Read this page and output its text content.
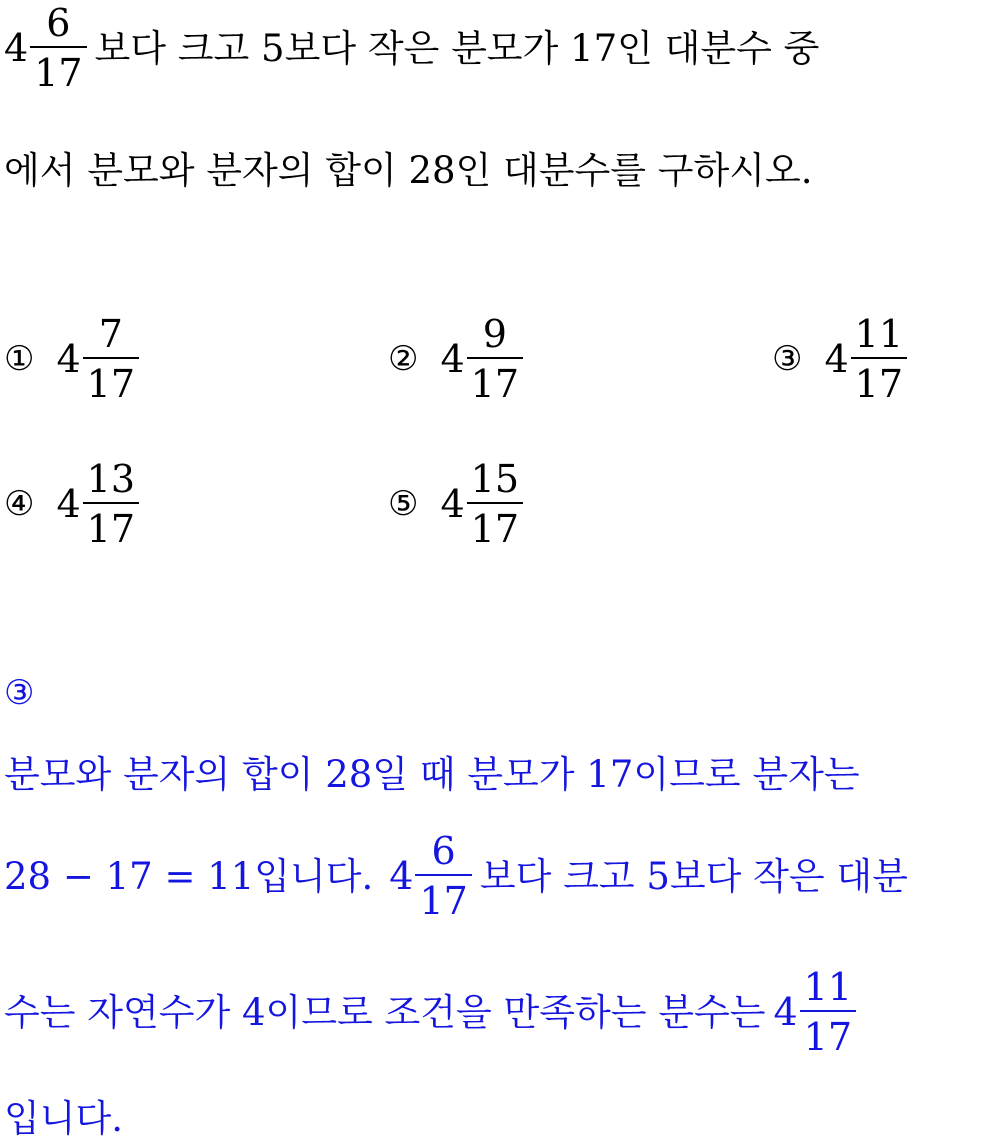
$4 \frac{6}{17}$ 보다 크고 5보다 작은 분모가 17인 대분수 중
에서 분모와 분자의 합이 28인 대분수를 구하시오.
① $4 \frac{7}{17}$	② $4 \frac{9}{17}$	③ $4 \frac{11}{17}$
④ $4 \frac{13}{17}$	⑤ $4 \frac{15}{17}$
③
분모와 분자의 합이 28일 때 분모가 17이므로 분자는
28 − 17 = 11입니다. $4 \frac{6}{17}$ 보다 크고 5보다 작은 대분
수는 자연수가 4이므로 조건을 만족하는 분수는 $4 \frac{11}{17}$
입니다.
